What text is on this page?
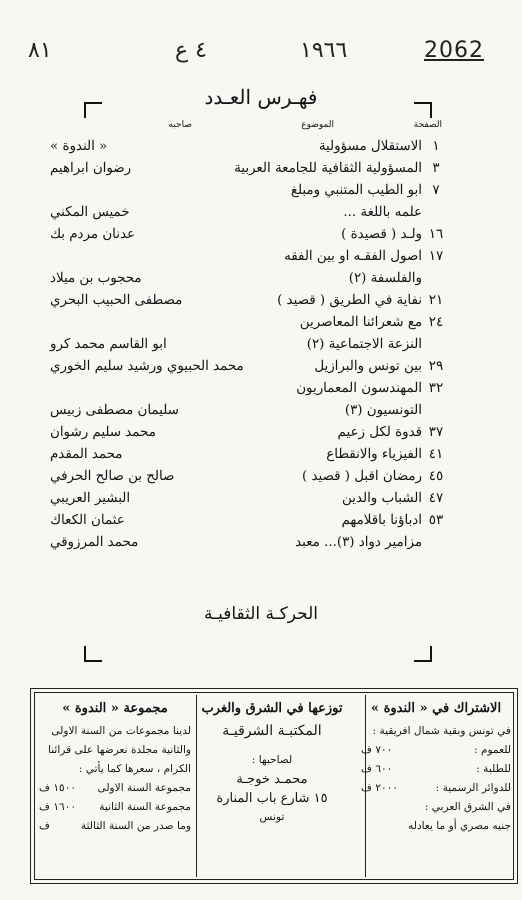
2062
١٩٦٦
٤ ع
٨١
فهـرس العـدد
الصفحة
الموضوع
صاحبه
١
الاستقلال مسؤولية
« الندوة »
٣
المسؤولية الثقافية للجامعة العربية
رضوان ابراهيم
٧
ابو الطيب المتنبي ومبلغ
علمه باللغة ...
خميس المكني
١٦
ولـد ( قصيدة )
عدنان مردم بك
١٧
اصول الفقـه او بين الفقه
والفلسفة (٢)
محجوب بن ميلاد
٢١
نفاية في الطريق ( قصيد )
مصطفى الحبيب البحري
٢٤
مع شعرائنا المعاصرين
النزعة الاجتماعية (٢)
ابو القاسم محمد كرو
٢٩
بين تونس والبرازيل
محمد الحبيوي ورشيد سليم الخوري
٣٢
المهندسون المعماريون
التونسيون (٣)
سليمان مصطفى زبيس
٣٧
قدوة لكل زعيم
محمد سليم رشوان
٤١
الفيزياء والانقطاع
محمد المقدم
٤٥
رمضان اقبل ( قصيد )
صالح بن صالح الحرفي
٤٧
الشباب والدين
البشير العريبي
٥٣
ادباؤنا باقلامهم
عثمان الكعاك
مزامير دواد (٣)... معبد
محمد المرزوقي
الحركـة الثقافيـة
الاشتراك في « الندوة »

في تونس وبقية شمال افريقية :

للعموم :
٧٠٠ ف
للطلبة :
٦٠٠ ف
للدوائر الرسمية :
٢٠٠٠ ف

في الشرق العربي :

جنيه مصري أو ما يعادله

توزعها في الشرق والغرب

المكتبـة الشرقيـة

لصاحبها :

محمـد خوجـة

١٥ شارع باب المنارة

تونس

مجموعة « الندوة »

لدينا مجموعات من السنة الاولى

والثانية مجلدة نعرضها على قرائنا

الكرام ، سعرها كما يأتي :

مجموعة السنة الاولى
١٥٠٠ ف
مجموعة السنة الثانية
١٦٠٠ ف
وما صدر من السنة الثالثة
ف
